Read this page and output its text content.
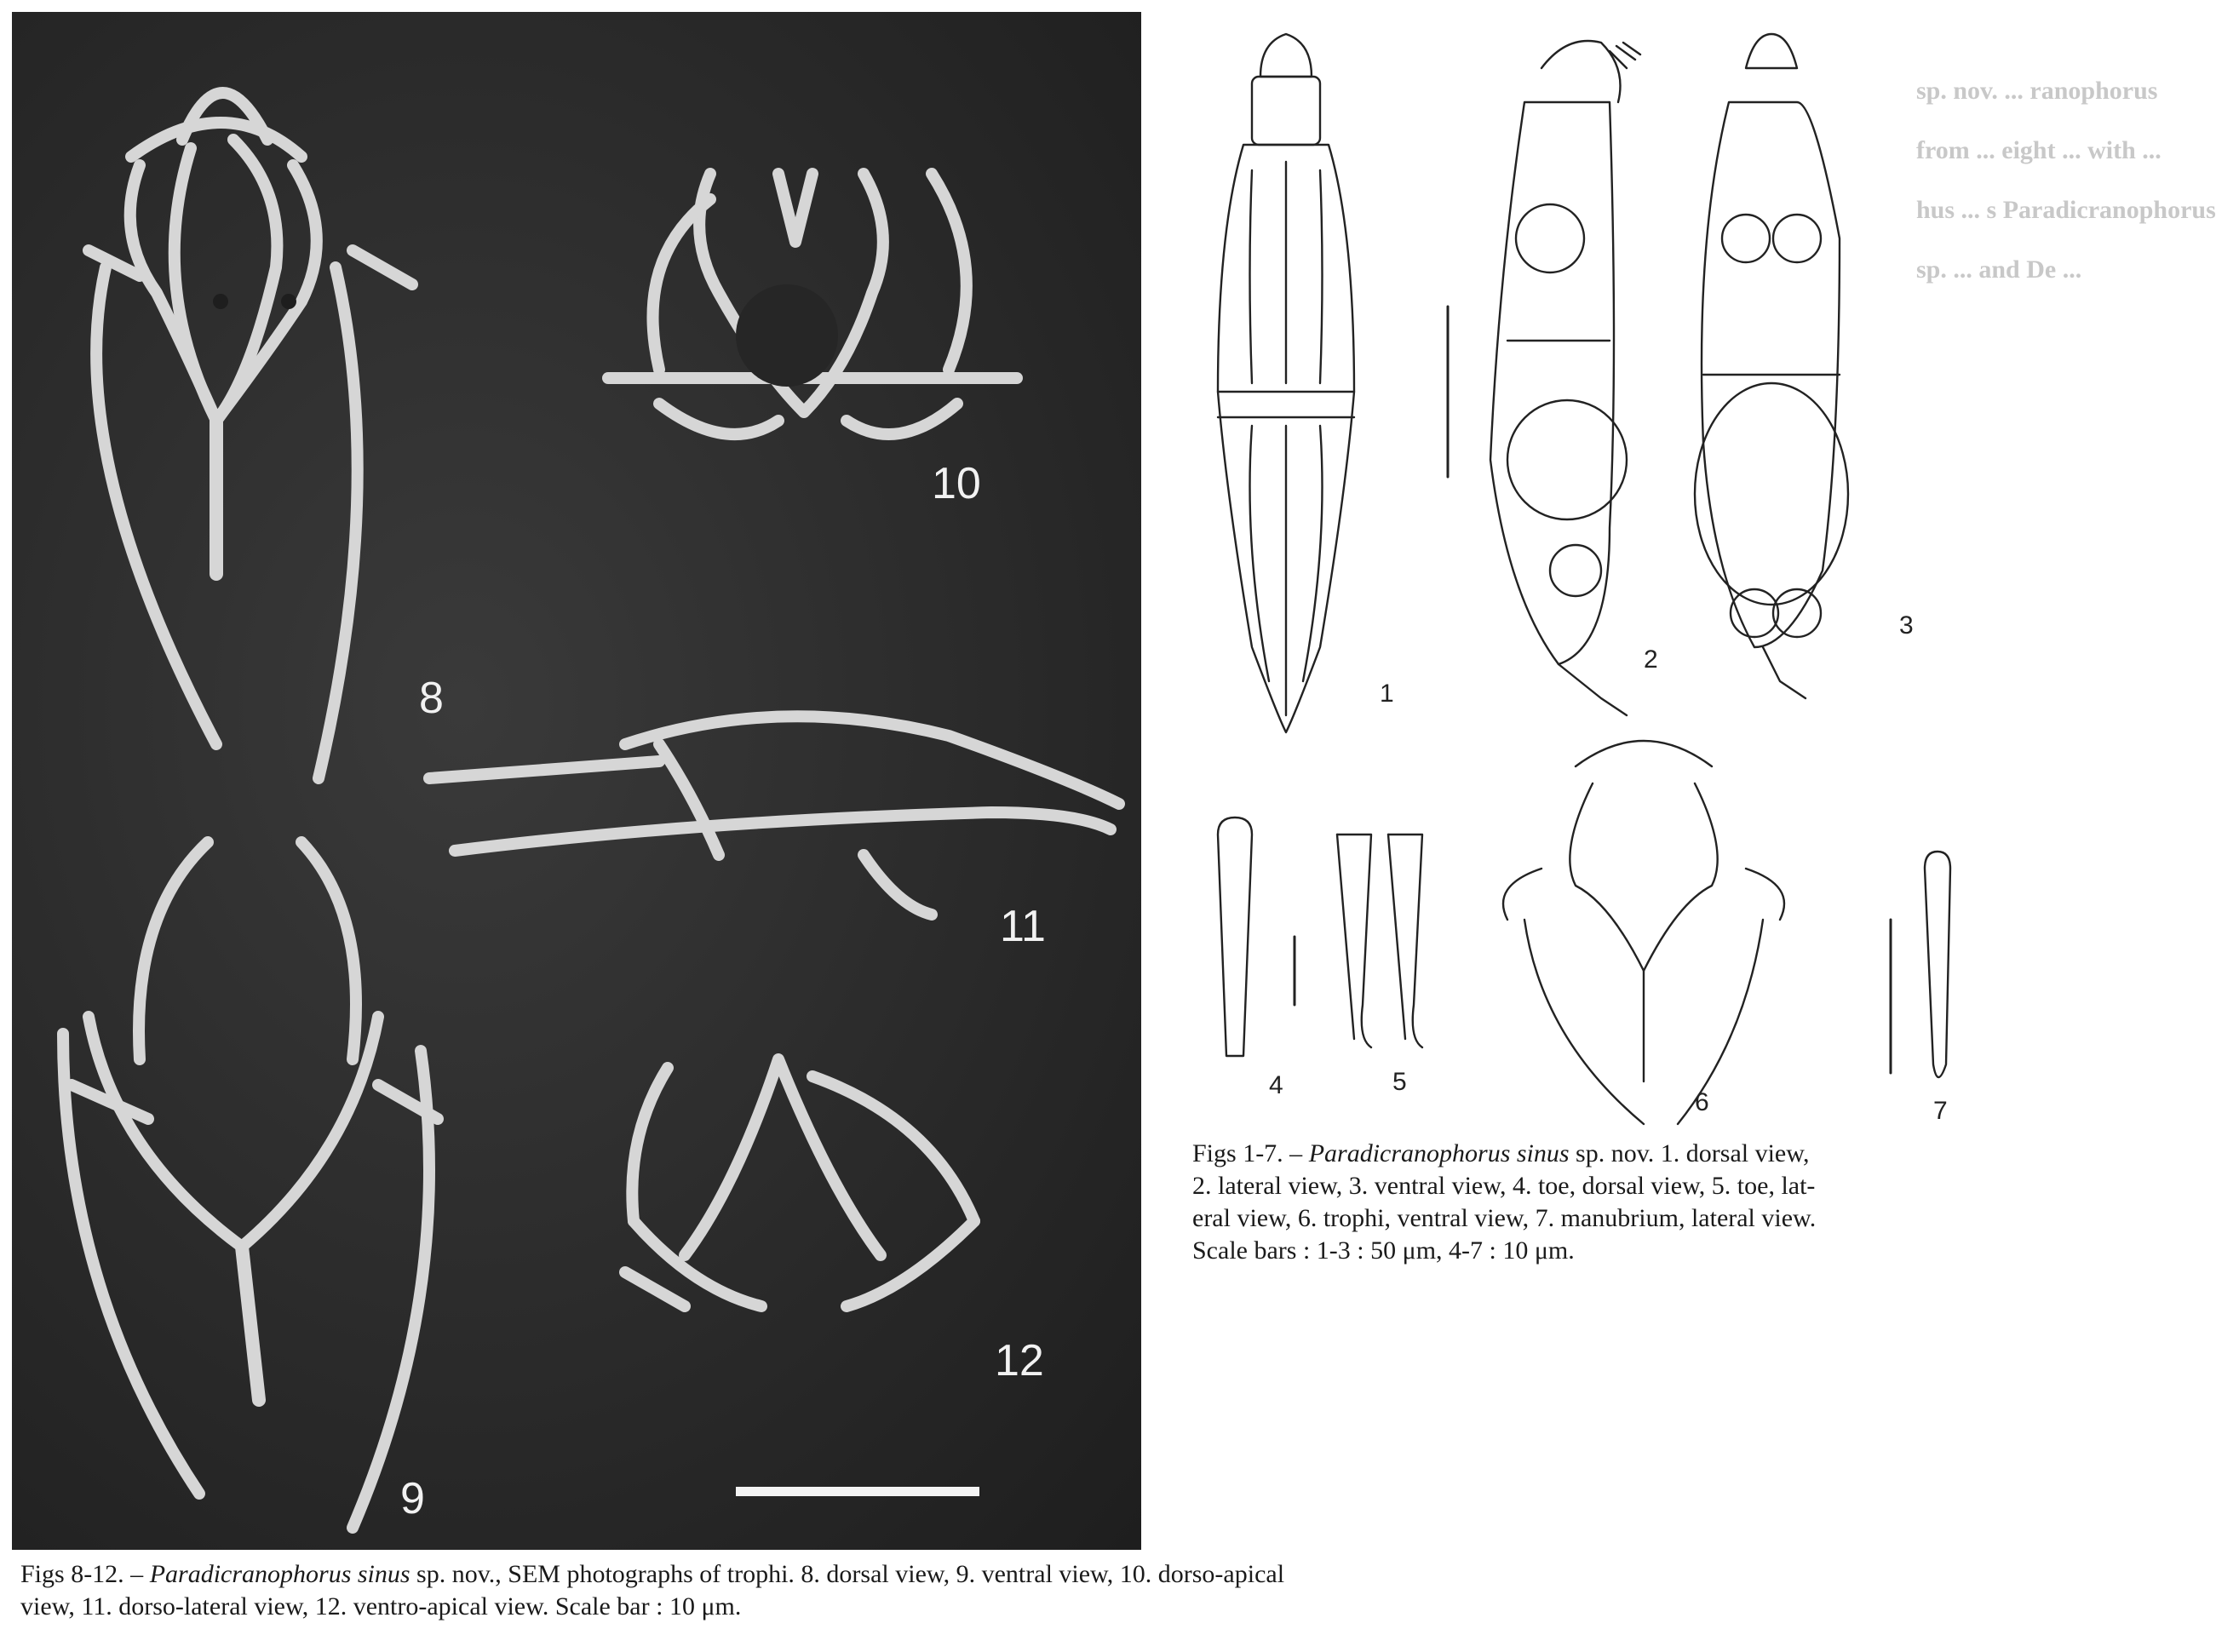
8
9
10
11
12
sp. nov. ... ranophorus
from ... eight ... with ...
hus ... s Paradicranophorus
sp. ... and De ...
1
2
3
4	5
6	7
Figs 1-7. – Paradicranophorus sinus sp. nov. 1. dorsal view,
2. lateral view, 3. ventral view, 4. toe, dorsal view, 5. toe, lat-
eral view, 6. trophi, ventral view, 7. manubrium, lateral view.
Scale bars : 1-3 : 50 μm, 4-7 : 10 μm.
Figs 8-12. – Paradicranophorus sinus sp. nov., SEM photographs of trophi. 8. dorsal view, 9. ventral view, 10. dorso-apical
view, 11. dorso-lateral view, 12. ventro-apical view. Scale bar : 10 μm.
